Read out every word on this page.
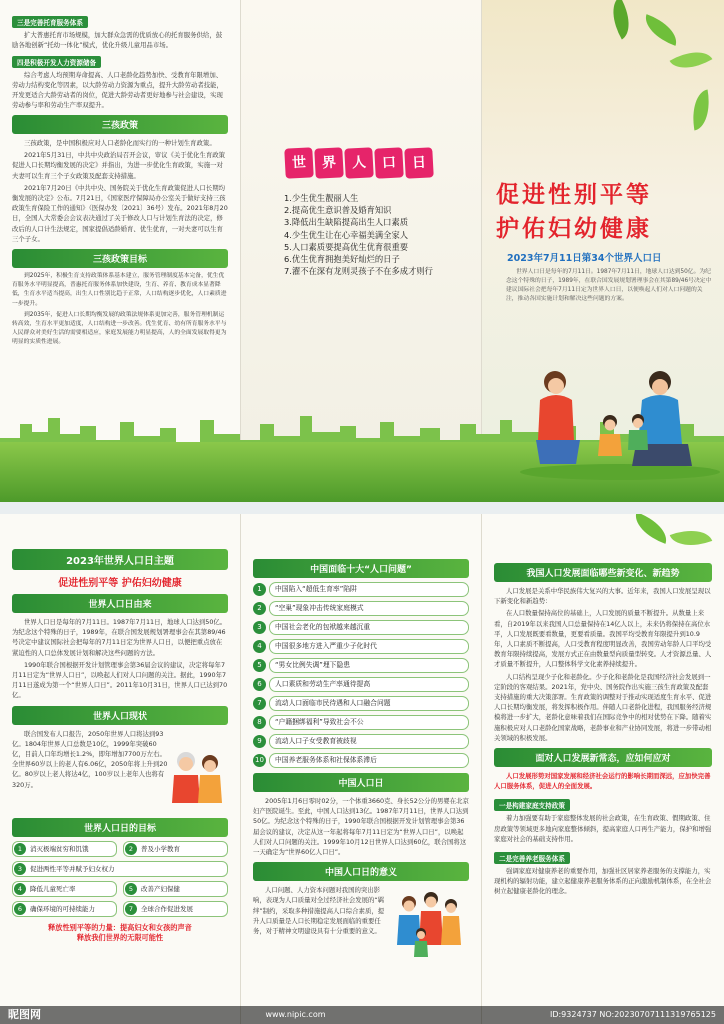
三是完善托育服务体系
扩大普惠托育市场规模，加大群众急需的优质放心的托育服务供给，鼓励各地创新“托幼一体化”模式，优化升级儿童用品市场。
四是积极开发人力资源储备
综合考虑人均预期寿命提高、人口老龄化趋势加快、受教育年限增加、劳动力结构变化等因素，以大龄劳动力资源为重点，提升大龄劳动者技能，开发更适合大龄劳动者的岗位，促进大龄劳动者更好地参与社会建设，实现劳动参与率和劳动生产率双提升。
三孩政策
三孩政策，是中国积极应对人口老龄化而实行的一种计划生育政策。
2021年5月31日，中共中央政治局召开会议，审议《关于优化生育政策促进人口长期均衡发展的决定》并指出，为进一步优化生育政策，实施一对夫妻可以生育三个子女政策及配套支持措施。
2021年7月20日《中共中央、国务院关于优化生育政策促进人口长期均衡发展的决定》公布。7月21日，《国家医疗保障局办公室关于做好支持三孩政策生育保险工作的通知》（医保办发〔2021〕36号）发布。2021年8月20日，全国人大常委会会议表决通过了关于修改人口与计划生育法的决定，修改后的人口计生法规定，国家提倡适龄婚育、优生优育，一对夫妻可以生育三个子女。
三孩政策目标
到2025年，积极生育支持政策体系基本建立，服务管理制度基本完备，优生优育服务水平明显提高，普惠托育服务体系加快建设，生育、养育、教育成本显著降低，生育水平适当提高，出生人口性别比趋于正常，人口结构逐步优化，人口素质进一步提升。
到2035年，促进人口长期均衡发展的政策法规体系更加完善，服务管理机制运转高效，生育水平更加适度，人口结构进一步改善。优生优育、幼有所育服务水平与人民群众对美好生活的需要相适应，家庭发展能力明显提高，人的全面发展取得更为明显的实质性进展。
世	界	人	口	日
1.少生优生靓丽人生
2.提高优生意识普及婚育知识
3.降低出生缺陷提高出生人口素质
4.少生优生让在心幸福美满全家人
5.人口素质要提高优生优育很重要
6.优生优育拥抱美好灿烂的日子
7.濯不在深有龙则灵孩子不在多成才则行
促进性别平等
护佑妇幼健康
2023年7月11日第34个世界人口日
世界人口日是每年的7月11日。1987年7月11日，地球人口达到50亿。为纪念这个特殊的日子，1989年，在联合国发展规划署理事会在其第89/46号决定中建议国际社会把每年7月11日定为世界人口日，以便唤起人们对人口问题的关注，推动各国实施计划和解决这些问题的方案。
2023年世界人口日主题
促进性别平等 护佑妇幼健康
世界人口日由来
世界人口日是每年的7月11日。1987年7月11日，地球人口达到50亿。为纪念这个特殊的日子，1989年，在联合国发展规划署理事会在其第89/46号决定中建议国际社会把每年的7月11日定为世界人口日，以便把重点放在紧迫性的人口总体发展计划和解决这些问题的方法。
1990年联合国根据开发计划管理事会第36届会议的建议，决定将每年7月11日定为“世界人口日”，以唤起人们对人口问题的关注。据此，1990年7月11日遂成为第一个“世界人口日”。2011年10月31日，世界人口已达到70亿。
世界人口现状
联合国发布人口报告，2050年世界人口将达到93亿。1804年世界人口总数是10亿，1999年突破60亿，目前人口年均增长1.2%，即年增加7700万左右。全世界60岁以上的老人有6.06亿，2050年将上升到20亿。80岁以上老人将达4亿，100岁以上老年人也将有320万。
世界人口日的目标
1	消灭极端贫穷和饥饿	2	普及小学教育
3	促进两性平等并赋予妇女权力
4	降低儿童死亡率	5	改善产妇保健
6	确保环境的可持续能力	7	全球合作促进发展
释放性别平等的力量：提高妇女和女孩的声音
释放我们世界的无限可能性
中国面临十大“人口问题”
1	中国陷入“超低生育率”陷阱
2	“空巢”现象冲击传统家庭模式
3	中国社会老化的包袱越来越沉重
4	中国很多地方进入严重少子化时代
5	“男女比例失调”埋下隐患
6	人口素质和劳动生产率通待提高
7	流动人口面临市民待遇和人口融合问题
8	“户籍捆绑福利”导致社会不公
9	流动人口子女受教育被歧视
10	中国养老服务体系和社保体系滞后
中国人口日
2005年1月6日零时02分，一个体重3660克、身长52公分的男婴在北京妇产医院诞生。至此，中国人口达到13亿。1987年7月11日，世界人口达到50亿。为纪念这个特殊的日子，1990年联合国根据开发计划管理事会第36届会议的建议，决定从这一年起将每年7月11日定为“世界人口日”，以唤起人们对人口问题的关注。1999年10月12日世界人口达到60亿，联合国将这一天确定为“世界60亿人口日”。
中国人口日的意义
人口问题、人力资本问题对我国的突出影响，表现为人口质量对全过经济社会发展的“羁绊”制约，采取多种措施提高人口综合素质，提升人口质量是人口长期稳定发展面临的重要任务，对于精神文明建设具有十分重要的意义。
我国人口发展面临哪些新变化、新趋势
人口发展是关系中华民族伟大复兴的大事。近年来，我国人口发展呈现以下新变化和新趋势：
在人口数量保持高位的基础上，人口发展的质量不断提升。从数量上来看，自2019年以来我国人口总量保持在14亿人以上，未来仍将保持在高位水平，人口发展既要看数量，更要看质量。我国平均受教育年限提升到10.9年，人口素质不断提高，人口受教育程度明显改善，我国劳动年龄人口平均受教育年限持续提高，发展方式正在由数量型向质量型转变。人才资源总量、人才质量不断提升，人口整体科学文化素养持续提升。
人口结构呈现少子化和老龄化。少子化和老龄化是我国经济社会发展到一定阶段的客观结果。2021年，党中央、国务院作出实施三孩生育政策及配套支持措施的重大决策部署。生育政策的调整对于推动实现适度生育水平、促进人口长期均衡发展，将发挥积极作用。伴随人口老龄化进程，我国服务经济规模将进一步扩大，老龄化意味着我们在国际竞争中的相对优势在下降。随着实施积极应对人口老龄化国家战略，老龄事业和产业协同发展，将进一步带动相关领域的积极发展。
面对人口发展新常态，应如何应对
人口发展形势对国家发展和经济社会运行的影响长期而深远，应加快完善人口服务体系，促进人的全面发展。
一是构建家庭支持政策
着力加强要有助于家庭整体发展的社会政策，在生育政策、假期政策、住房政策等领域更多地向家庭整体倾斜，提高家庭人口再生产能力，保护和增强家庭对社会的基础支持作用。
二是完善养老服务体系
强调家庭对健康养老的重要作用，加强社区居家养老服务的支撑能力，实现机构的辐射功能，建立起健康养老服务体系的正向激励机制体系，在全社会树立起健康老龄化的理念。
昵图网	www.nipic.com	ID:9324737 NO:20230707111319765125
